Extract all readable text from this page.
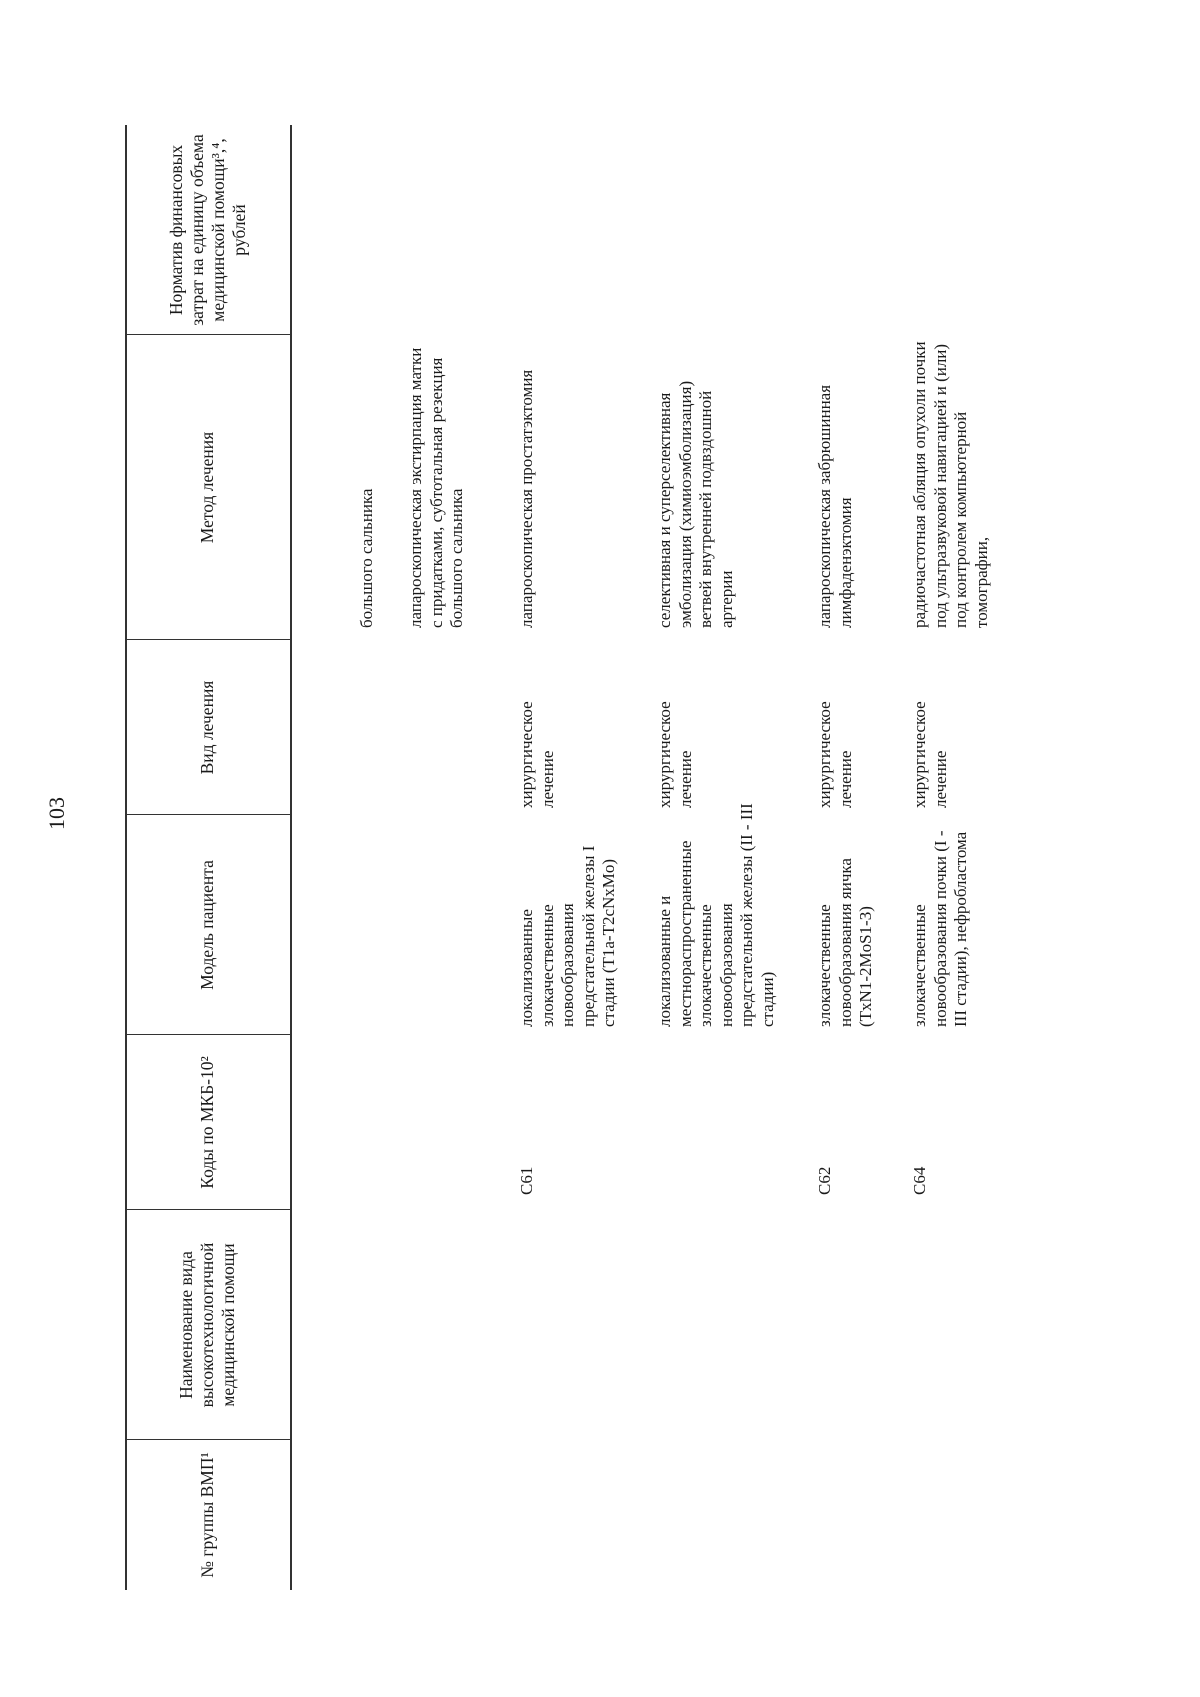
103
№ группы ВМП¹
Наименование вида высокотехнологичной медицинской помощи
Коды по МКБ-10²
Модель пациента
Вид лечения
Метод лечения
Норматив финансовых затрат на единицу объема медицинской помощи³,⁴, рублей
большого сальника лапароскопическая экстирпация матки с придатками, субтотальная резекция большого сальника
C61
локализованные злокачественные новообразования предстательной железы I стадии (T1a-T2cNxMo)
хирургическое лечение
лапароскопическая простатэктомия
локализованные и местнораспространенные злокачественные новообразования предстательной железы (II - III стадии)
хирургическое лечение
селективная и суперселективная эмболизация (химиоэмболизация) ветвей внутренней подвздошной артерии
C62
злокачественные новообразования яичка (TxN1-2MoS1-3)
хирургическое лечение
лапароскопическая забрюшинная лимфаденэктомия
C64
злокачественные новообразования почки (I - III стадии), нефробластома
хирургическое лечение
радиочастотная абляция опухоли почки под ультразвуковой навигацией и (или) под контролем компьютерной томографии,
